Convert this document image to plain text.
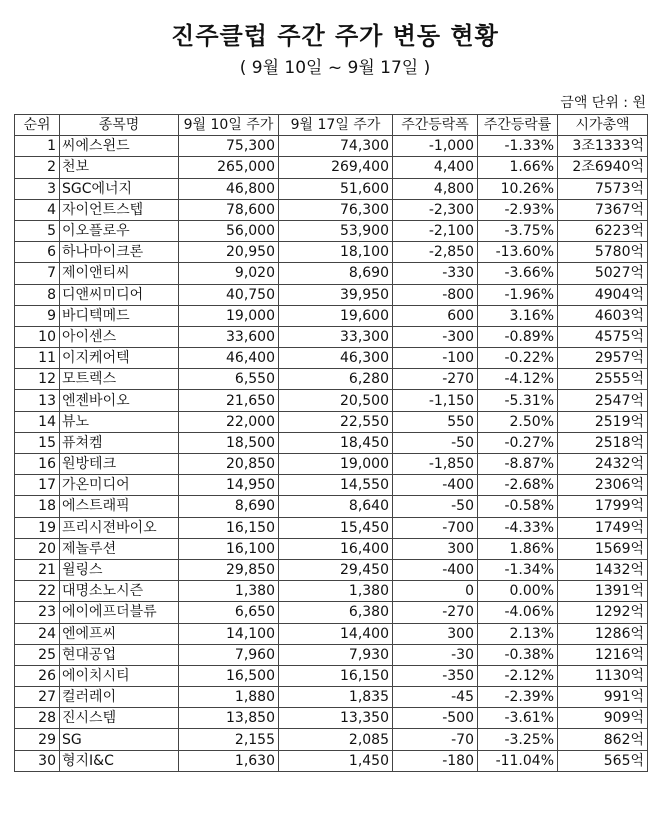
진주클럽 주간 주가 변동 현황
( 9월 10일 ~ 9월 17일 )
금액 단위 : 원
순위	종목명	9월 10일 주가	9월 17일 주가	주간등락폭	주간등락률	시가총액
1	씨에스윈드	75,300	74,300	-1,000	-1.33%	3조1333억
2	천보	265,000	269,400	4,400	1.66%	2조6940억
3	SGC에너지	46,800	51,600	4,800	10.26%	7573억
4	자이언트스텝	78,600	76,300	-2,300	-2.93%	7367억
5	이오플로우	56,000	53,900	-2,100	-3.75%	6223억
6	하나마이크론	20,950	18,100	-2,850	-13.60%	5780억
7	제이앤티씨	9,020	8,690	-330	-3.66%	5027억
8	디앤씨미디어	40,750	39,950	-800	-1.96%	4904억
9	바디텍메드	19,000	19,600	600	3.16%	4603억
10	아이센스	33,600	33,300	-300	-0.89%	4575억
11	이지케어텍	46,400	46,300	-100	-0.22%	2957억
12	모트렉스	6,550	6,280	-270	-4.12%	2555억
13	엔젠바이오	21,650	20,500	-1,150	-5.31%	2547억
14	뷰노	22,000	22,550	550	2.50%	2519억
15	퓨쳐켐	18,500	18,450	-50	-0.27%	2518억
16	원방테크	20,850	19,000	-1,850	-8.87%	2432억
17	가온미디어	14,950	14,550	-400	-2.68%	2306억
18	에스트래픽	8,690	8,640	-50	-0.58%	1799억
19	프리시젼바이오	16,150	15,450	-700	-4.33%	1749억
20	제놀루션	16,100	16,400	300	1.86%	1569억
21	윌링스	29,850	29,450	-400	-1.34%	1432억
22	대명소노시즌	1,380	1,380	0	0.00%	1391억
23	에이에프더블류	6,650	6,380	-270	-4.06%	1292억
24	엔에프씨	14,100	14,400	300	2.13%	1286억
25	현대공업	7,960	7,930	-30	-0.38%	1216억
26	에이치시티	16,500	16,150	-350	-2.12%	1130억
27	컬러레이	1,880	1,835	-45	-2.39%	991억
28	진시스템	13,850	13,350	-500	-3.61%	909억
29	SG	2,155	2,085	-70	-3.25%	862억
30	형지I&C	1,630	1,450	-180	-11.04%	565억
